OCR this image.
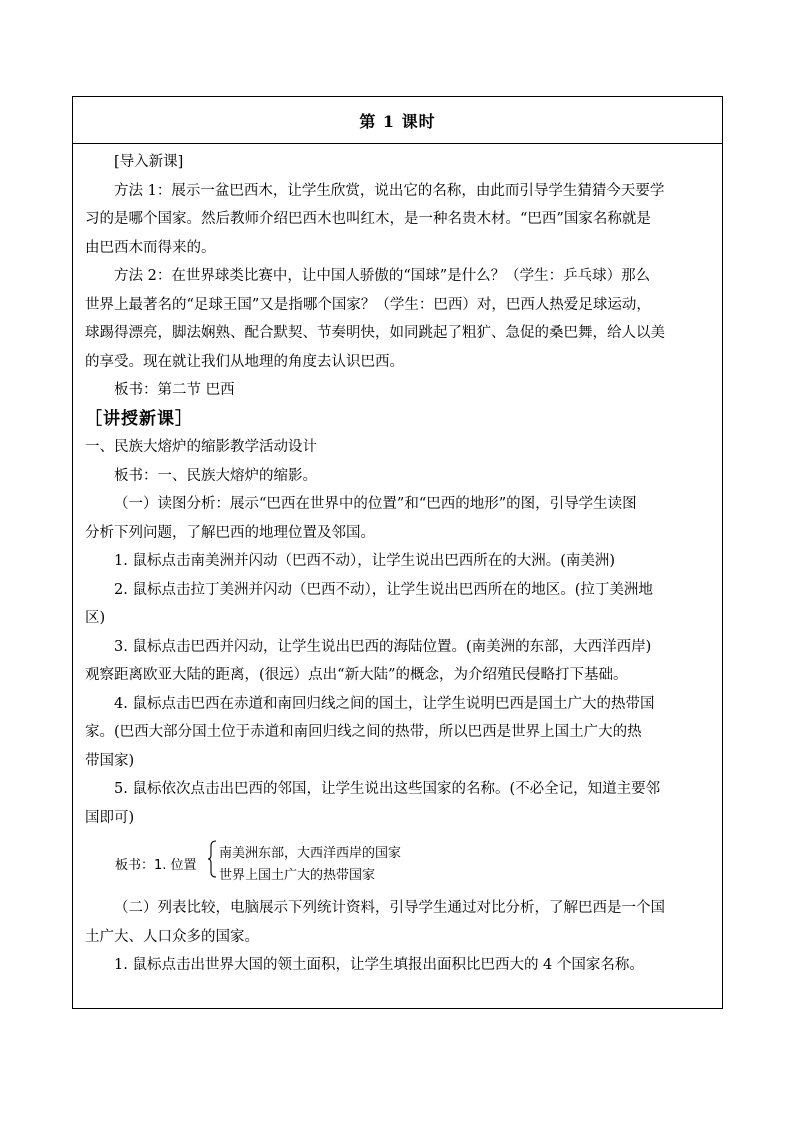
第 1 课时
[导入新课]
方法 1：展示一盆巴西木，让学生欣赏，说出它的名称，由此而引导学生猜猜今天要学
习的是哪个国家。然后教师介绍巴西木也叫红木，是一种名贵木材。“巴西”国家名称就是
由巴西木而得来的。
方法 2：在世界球类比赛中，让中国人骄傲的“国球”是什么？（学生：乒乓球）那么
世界上最著名的“足球王国”又是指哪个国家？（学生：巴西）对，巴西人热爱足球运动，
球踢得漂亮，脚法娴熟、配合默契、节奏明快，如同跳起了粗犷、急促的桑巴舞，给人以美
的享受。现在就让我们从地理的角度去认识巴西。
板书：第二节 巴西
［讲授新课］
一、民族大熔炉的缩影教学活动设计
板书：一、民族大熔炉的缩影。
（一）读图分析：展示“巴西在世界中的位置”和“巴西的地形”的图，引导学生读图
分析下列问题，了解巴西的地理位置及邻国。
1. 鼠标点击南美洲并闪动（巴西不动），让学生说出巴西所在的大洲。(南美洲)
2. 鼠标点击拉丁美洲并闪动（巴西不动），让学生说出巴西所在的地区。(拉丁美洲地
区)
3. 鼠标点击巴西并闪动，让学生说出巴西的海陆位置。(南美洲的东部，大西洋西岸)
观察距离欧亚大陆的距离，(很远）点出“新大陆”的概念，为介绍殖民侵略打下基础。
4. 鼠标点击巴西在赤道和南回归线之间的国土，让学生说明巴西是国土广大的热带国
家。(巴西大部分国土位于赤道和南回归线之间的热带，所以巴西是世界上国土广大的热
带国家)
5. 鼠标依次点击出巴西的邻国，让学生说出这些国家的名称。(不必全记，知道主要邻
国即可)
板书：1. 位置
南美洲东部，大西洋西岸的国家
世界上国土广大的热带国家
（二）列表比较，电脑展示下列统计资料，引导学生通过对比分析，了解巴西是一个国
土广大、人口众多的国家。
1. 鼠标点击出世界大国的领土面积，让学生填报出面积比巴西大的 4 个国家名称。
